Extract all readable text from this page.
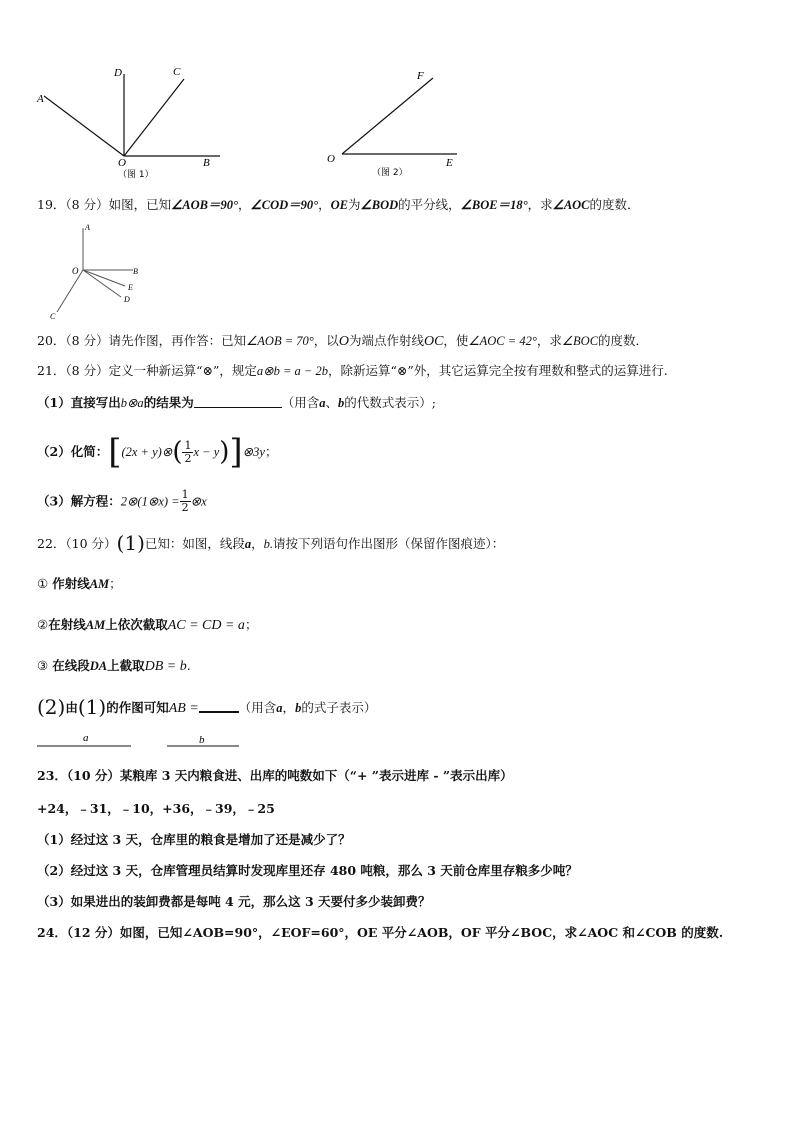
A
D	C
O	B
（图 1）
F
O	E
（图 2）
19．（8 分）如图，已知∠AOB＝90°，∠COD＝90°，OE为∠BOD的平分线，∠BOE＝18°，求∠AOC的度数．
A
O	B
E
D
C
20．（8 分）请先作图，再作答：已知∠AOB = 70°，以O为端点作射线OC，使∠AOC = 42°，求∠BOC的度数．
21．（8 分）定义一种新运算“⊗”，规定a⊗b = a − 2b，除新运算“⊗”外，其它运算完全按有理数和整式的运算进行.
（1）直接写出b⊗a的结果为	（用含a、b的代数式表示）;
（2）化简：[(2x + y)⊗( $\frac{1}{2}$ x − y)]⊗3y；
（3）解方程：2⊗(1⊗x) = $\frac{1}{2}$ ⊗x
22．（10 分）(1)已知：如图，线段a，b.请按下列语句作出图形（保留作图痕迹）：
① 作射线AM；
②在射线AM上依次截取AC = CD = a；
③ 在线段DA上截取DB = b.
(2)由(1)的作图可知AB =	（用含a，b的式子表示）
a	b
23．（10 分）某粮库 3 天内粮食进、出库的吨数如下（“+ ”表示进库 - ”表示出库）
+24，﹣31，﹣10，+36，﹣39，﹣25
（1）经过这 3 天，仓库里的粮食是增加了还是减少了？
（2）经过这 3 天，仓库管理员结算时发现库里还存 480 吨粮，那么 3 天前仓库里存粮多少吨？
（3）如果进出的装卸费都是每吨 4 元，那么这 3 天要付多少装卸费？
24．（12 分）如图，已知∠AOB=90°，∠EOF=60°，OE 平分∠AOB，OF 平分∠BOC，求∠AOC 和∠COB 的度数.
